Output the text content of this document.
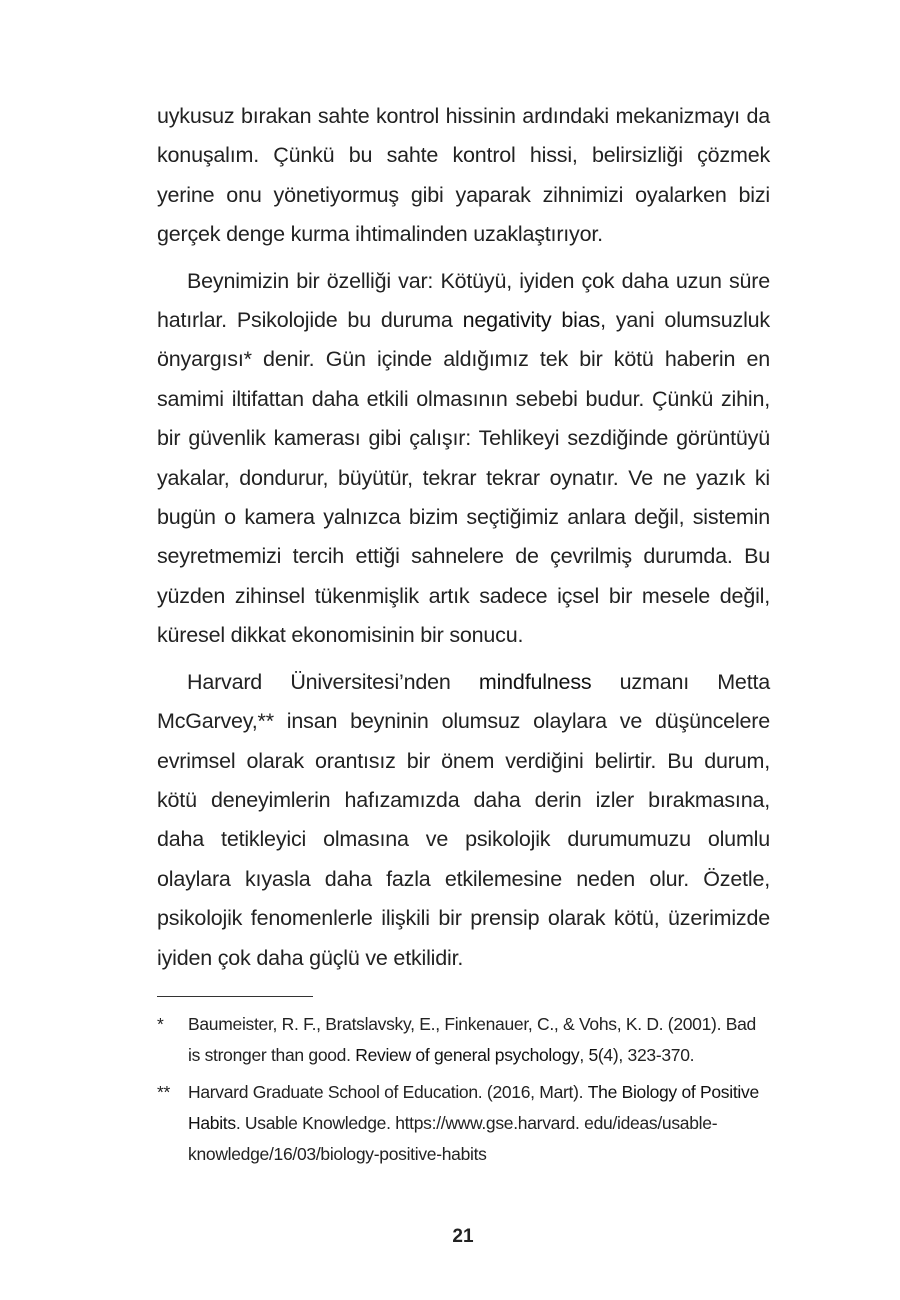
uykusuz bırakan sahte kontrol hissinin ardındaki mekanizmayı da konuşalım. Çünkü bu sahte kontrol hissi, belirsizliği çözmek yerine onu yönetiyormuş gibi yaparak zihnimizi oyalarken bizi gerçek denge kurma ihtimalinden uzaklaştırıyor.

Beynimizin bir özelliği var: Kötüyü, iyiden çok daha uzun süre hatırlar. Psikolojide bu duruma negativity bias, yani olumsuzluk önyargısı* denir. Gün içinde aldığımız tek bir kötü haberin en samimi iltifattan daha etkili olmasının sebebi budur. Çünkü zihin, bir güvenlik kamerası gibi çalışır: Tehlikeyi sezdiğinde görüntüyü yakalar, dondurur, büyütür, tekrar tekrar oynatır. Ve ne yazık ki bugün o kamera yalnızca bizim seçtiğimiz anlara değil, sistemin seyretmemizi tercih ettiği sahnelere de çevrilmiş durumda. Bu yüzden zihinsel tükenmişlik artık sadece içsel bir mesele değil, küresel dikkat ekonomisinin bir sonucu.

Harvard Üniversitesi’nden mindfulness uzmanı Metta McGarvey,** insan beyninin olumsuz olaylara ve düşüncelere evrimsel olarak orantısız bir önem verdiğini belirtir. Bu durum, kötü deneyimlerin hafızamızda daha derin izler bırakmasına, daha tetikleyici olmasına ve psikolojik durumumuzu olumlu olaylara kıyasla daha fazla etkilemesine neden olur. Özetle, psikolojik fenomenlerle ilişkili bir prensip olarak kötü, üzerimizde iyiden çok daha güçlü ve etkilidir.

* Baumeister, R. F., Bratslavsky, E., Finkenauer, C., & Vohs, K. D. (2001). Bad is stronger than good. Review of general psychology, 5(4), 323-370.
** Harvard Graduate School of Education. (2016, Mart). The Biology of Positive Habits. Usable Knowledge. https://www.gse.harvard. edu/ideas/usable-knowledge/16/03/biology-positive-habits
21
